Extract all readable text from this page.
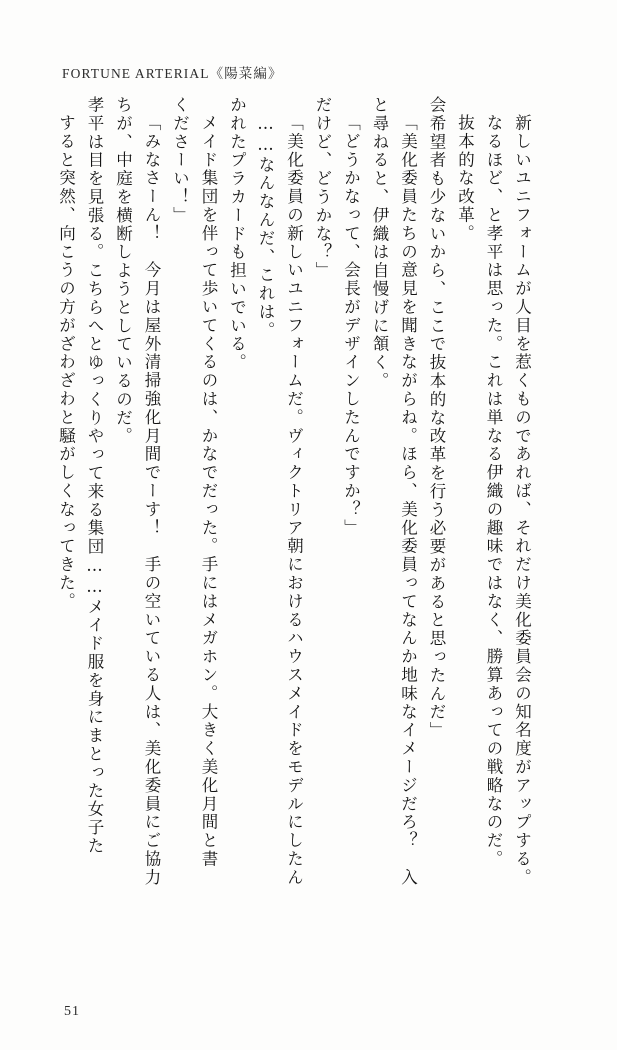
FORTUNE ARTERIAL《陽菜編》
すると突然、向こうの方がざわざわと騒がしくなってきた。 孝平は目を見張る。こちらへとゆっくりやって来る集団……メイド服を身にまとった女子た ちが、中庭を横断しようとしているのだ。 「みなさーん！　今月は屋外清掃強化月間でーす！　手の空いている人は、美化委員にご協力 くださーい！」 メイド集団を伴って歩いてくるのは、かなでだった。手にはメガホン。大きく美化月間と書 かれたプラカードも担いでいる。 ……なんなんだ、これは。 「美化委員の新しいユニフォームだ。ヴィクトリア朝におけるハウスメイドをモデルにしたん だけど、どうかな？」 「どうかなって、会長がデザインしたんですか？」 と尋ねると、伊織は自慢げに頷く。 「美化委員たちの意見を聞きながらね。ほら、美化委員ってなんか地味なイメージだろ？　入 会希望者も少ないから、ここで抜本的な改革を行う必要があると思ったんだ」 抜本的な改革。 なるほど、と孝平は思った。これは単なる伊織の趣味ではなく、勝算あっての戦略なのだ。 新しいユニフォームが人目を惹くものであれば、それだけ美化委員会の知名度がアップする。
51
